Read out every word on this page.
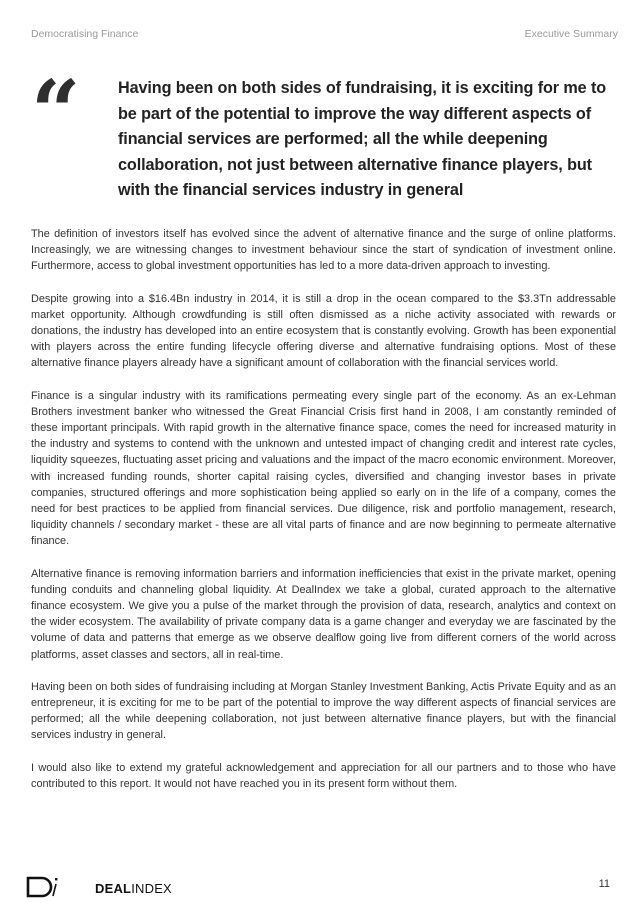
Democratising Finance	Executive Summary
“ Having been on both sides of fundraising, it is exciting for me to be part of the potential to improve the way different aspects of financial services are performed; all the while deepening collaboration, not just between alternative finance players, but with the financial services industry in general

The definition of investors itself has evolved since the advent of alternative finance and the surge of online platforms. Increasingly, we are witnessing changes to investment behaviour since the start of syndication of investment online. Furthermore, access to global investment opportunities has led to a more data-driven approach to investing.

Despite growing into a $16.4Bn industry in 2014, it is still a drop in the ocean compared to the $3.3Tn addressable market opportunity. Although crowdfunding is still often dismissed as a niche activity associated with rewards or donations, the industry has developed into an entire ecosystem that is constantly evolving. Growth has been exponential with players across the entire funding lifecycle offering diverse and alternative fundraising options. Most of these alternative finance players already have a significant amount of collaboration with the financial services world.

Finance is a singular industry with its ramifications permeating every single part of the economy. As an ex-Lehman Brothers investment banker who witnessed the Great Financial Crisis first hand in 2008, I am constantly reminded of these important principals. With rapid growth in the alternative finance space, comes the need for increased maturity in the industry and systems to contend with the unknown and untested impact of changing credit and interest rate cycles, liquidity squeezes, fluctuating asset pricing and valuations and the impact of the macro economic environment. Moreover, with increased funding rounds, shorter capital raising cycles, diversified and changing investor bases in private companies, structured offerings and more sophistication being applied so early on in the life of a company, comes the need for best practices to be applied from financial services. Due diligence, risk and portfolio management, research, liquidity channels / secondary market - these are all vital parts of finance and are now beginning to permeate alternative finance.

Alternative finance is removing information barriers and information inefficiencies that exist in the private market, opening funding conduits and channeling global liquidity. At DealIndex we take a global, curated approach to the alternative finance ecosystem. We give you a pulse of the market through the provision of data, research, analytics and context on the wider ecosystem. The availability of private company data is a game changer and everyday we are fascinated by the volume of data and patterns that emerge as we observe dealflow going live from different corners of the world across platforms, asset classes and sectors, all in real-time.

Having been on both sides of fundraising including at Morgan Stanley Investment Banking, Actis Private Equity and as an entrepreneur, it is exciting for me to be part of the potential to improve the way different aspects of financial services are performed; all the while deepening collaboration, not just between alternative finance players, but with the financial services industry in general.

I would also like to extend my grateful acknowledgement and appreciation for all our partners and to those who have contributed to this report. It would not have reached you in its present form without them.

DEALINDEX	11
